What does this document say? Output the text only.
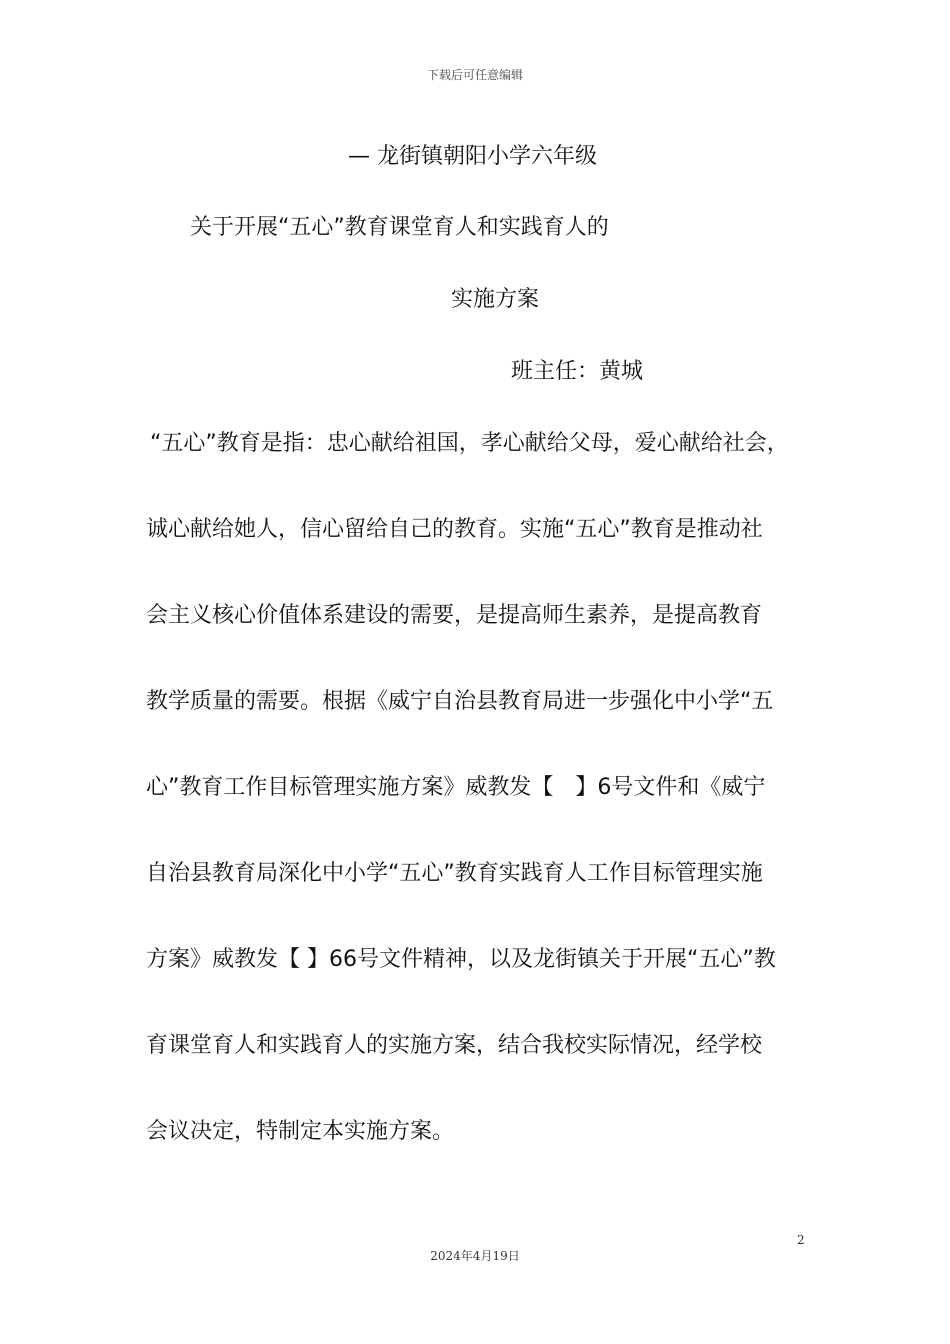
下载后可任意编辑
— 龙街镇朝阳小学六年级
关于开展“五心”教育课堂育人和实践育人的
实施方案
班主任：黄城
“五心”教育是指：忠心献给祖国，孝心献给父母，爱心献给社会，
诚心献给她人，信心留给自己的教育。实施“五心”教育是推动社
会主义核心价值体系建设的需要，是提高师生素养，是提高教育
教学质量的需要。根据《威宁自治县教育局进一步强化中小学“五
心”教育工作目标管理实施方案》威教发【　】6号文件和《威宁
自治县教育局深化中小学“五心”教育实践育人工作目标管理实施
方案》威教发【 】66号文件精神，以及龙街镇关于开展“五心”教
育课堂育人和实践育人的实施方案，结合我校实际情况，经学校
会议决定，特制定本实施方案。
2
2024年4月19日
